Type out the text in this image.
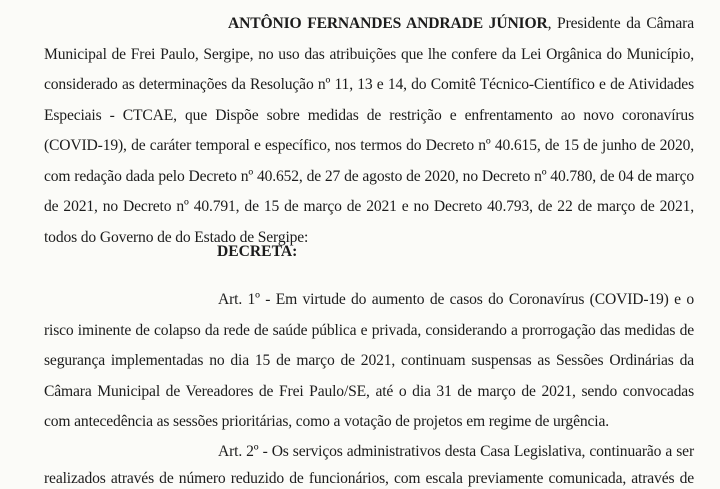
ANTÔNIO FERNANDES ANDRADE JÚNIOR, Presidente da Câmara
Municipal de Frei Paulo, Sergipe, no uso das atribuições que lhe confere da Lei Orgânica do Município,
considerado as determinações da Resolução nº 11, 13 e 14, do Comitê Técnico-Científico e de Atividades
Especiais - CTCAE, que Dispõe sobre medidas de restrição e enfrentamento ao novo coronavírus
(COVID-19), de caráter temporal e específico, nos termos do Decreto nº 40.615, de 15 de junho de 2020,
com redação dada pelo Decreto nº 40.652, de 27 de agosto de 2020, no Decreto nº 40.780, de 04 de março
de 2021, no Decreto nº 40.791, de 15 de março de 2021 e no Decreto 40.793, de 22 de março de 2021,
todos do Governo de do Estado de Sergipe:
DECRETA:
Art. 1º - Em virtude do aumento de casos do Coronavírus (COVID-19) e o
risco iminente de colapso da rede de saúde pública e privada, considerando a prorrogação das medidas de
segurança implementadas no dia 15 de março de 2021, continuam suspensas as Sessões Ordinárias da
Câmara Municipal de Vereadores de Frei Paulo/SE, até o dia 31 de março de 2021, sendo convocadas
com antecedência as sessões prioritárias, como a votação de projetos em regime de urgência.
Art. 2º - Os serviços administrativos desta Casa Legislativa, continuarão a ser
realizados através de número reduzido de funcionários, com escala previamente comunicada, através de
